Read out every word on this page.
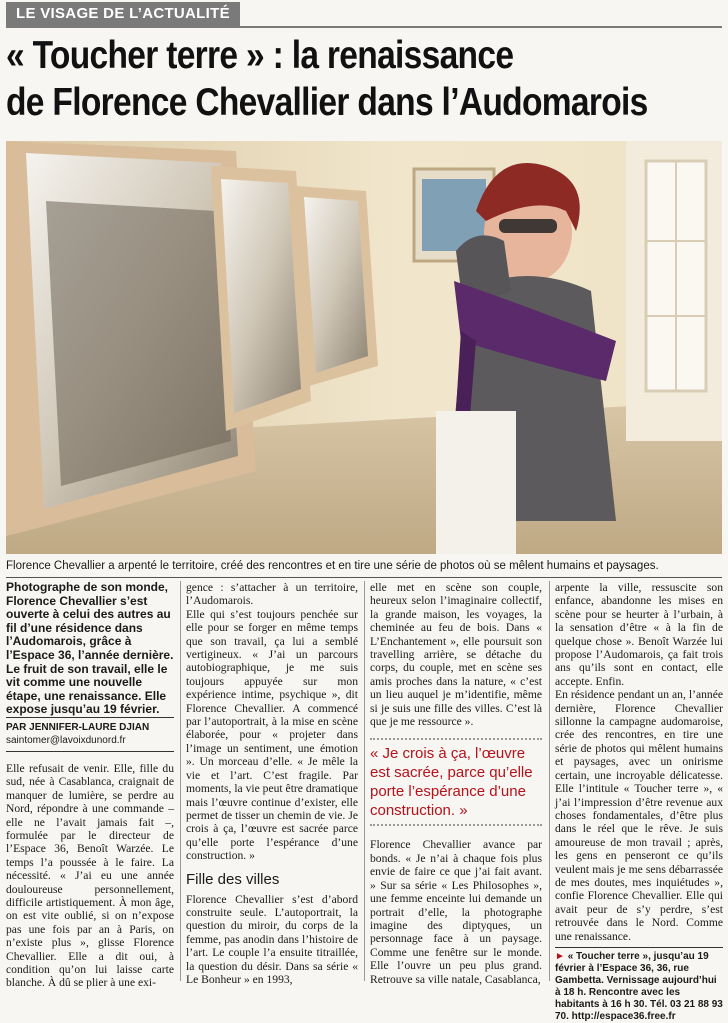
LE VISAGE DE L’ACTUALITÉ
« Toucher terre » : la renaissance
de Florence Chevallier dans l’Audomarois
Florence Chevallier a arpenté le territoire, créé des rencontres et en tire une série de photos où se mêlent humains et paysages.

Photographe de son monde, Florence Chevallier s’est ouverte à celui des autres au fil d’une résidence dans l’Audomarois, grâce à l’Espace 36, l’année dernière. Le fruit de son travail, elle le vit comme une nouvelle étape, une renaissance. Elle expose jusqu’au 19 février.

PAR JENNIFER-LAURE DJIAN
saintomer@lavoixdunord.fr

Elle refusait de venir. Elle, fille du sud, née à Casablanca, craignait de manquer de lumière, se perdre au Nord, répondre à une commande – elle ne l’avait jamais fait –, formulée par le directeur de l’Espace 36, Benoît Warzée. Le temps l’a poussée à le faire. La nécessité. « J’ai eu une année douloureuse personnellement, difficile artistiquement. À mon âge, on est vite oublié, si on n’expose pas une fois par an à Paris, on n’existe plus », glisse Florence Chevallier. Elle a dit oui, à condition qu’on lui laisse carte blanche. À dû se plier à une exi-

gence : s’attacher à un territoire, l’Audomarois.

Elle qui s’est toujours penchée sur elle pour se forger en même temps que son travail, ça lui a semblé vertigineux. « J’ai un parcours autobiographique, je me suis toujours appuyée sur mon expérience intime, psychique », dit Florence Chevallier. A commencé par l’autoportrait, à la mise en scène élaborée, pour « projeter dans l’image un sentiment, une émotion ». Un morceau d’elle. « Je mêle la vie et l’art. C’est fragile. Par moments, la vie peut être dramatique mais l’œuvre continue d’exister, elle permet de tisser un chemin de vie. Je crois à ça, l’œuvre est sacrée parce qu’elle porte l’espérance d’une construction. »

Fille des villes

Florence Chevallier s’est d’abord construite seule. L’autoportrait, la question du miroir, du corps de la femme, pas anodin dans l’histoire de l’art. Le couple l’a ensuite titraillée, la question du désir. Dans sa série « Le Bonheur » en 1993,

elle met en scène son couple, heureux selon l’imaginaire collectif, la grande maison, les voyages, la cheminée au feu de bois. Dans « L’Enchantement », elle poursuit son travelling arrière, se détache du corps, du couple, met en scène ses amis proches dans la nature, « c’est un lieu auquel je m’identifie, même si je suis une fille des villes. C’est là que je me ressource ».

« Je crois à ça, l’œuvre est sacrée, parce qu’elle porte l’espérance d’une construction. »

Florence Chevallier avance par bonds. « Je n’ai à chaque fois plus envie de faire ce que j’ai fait avant. » Sur sa série « Les Philosophes », une femme enceinte lui demande un portrait d’elle, la photographe imagine des diptyques, un personnage face à un paysage. Comme une fenêtre sur le monde. Elle l’ouvre un peu plus grand. Retrouve sa ville natale, Casablanca,

arpente la ville, ressuscite son enfance, abandonne les mises en scène pour se heurter à l’urbain, à la sensation d’être « à la fin de quelque chose ». Benoît Warzée lui propose l’Audomarois, ça fait trois ans qu’ils sont en contact, elle accepte. Enfin.

En résidence pendant un an, l’année dernière, Florence Chevallier sillonne la campagne audomaroise, crée des rencontres, en tire une série de photos qui mêlent humains et paysages, avec un onirisme certain, une incroyable délicatesse. Elle l’intitule « Toucher terre », « j’ai l’impression d’être revenue aux choses fondamentales, d’être plus dans le réel que le rêve. Je suis amoureuse de mon travail ; après, les gens en penseront ce qu’ils veulent mais je me sens débarrassée de mes doutes, mes inquiétudes », confie Florence Chevallier. Elle qui avait peur de s’y perdre, s’est retrouvée dans le Nord. Comme une renaissance.

► « Toucher terre », jusqu’au 19 février à l’Espace 36, 36, rue Gambetta. Vernissage aujourd’hui à 18 h. Rencontre avec les habitants à 16 h 30. Tél. 03 21 88 93 70. http://espace36.free.fr
